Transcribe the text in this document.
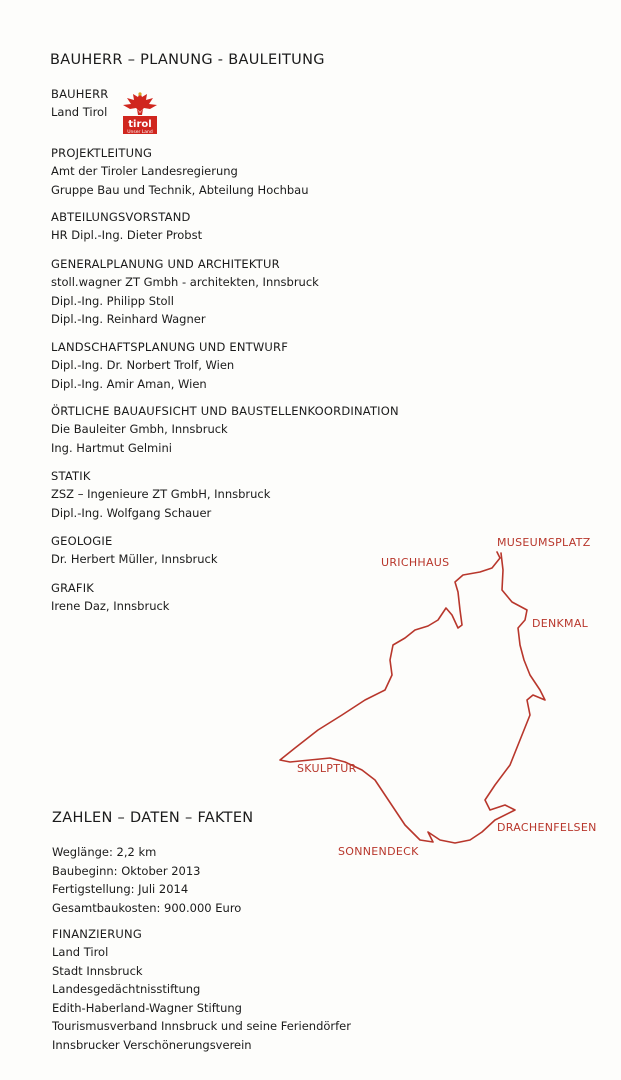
BAUHERR – PLANUNG - BAULEITUNG
BAUHERR
Land Tirol
tirol
Unser Land
PROJEKTLEITUNG
Amt der Tiroler Landesregierung
Gruppe Bau und Technik, Abteilung Hochbau
ABTEILUNGSVORSTAND
HR Dipl.-Ing. Dieter Probst
GENERALPLANUNG UND ARCHITEKTUR
stoll.wagner ZT Gmbh - architekten, Innsbruck
Dipl.-Ing. Philipp Stoll
Dipl.-Ing. Reinhard Wagner
LANDSCHAFTSPLANUNG UND ENTWURF
Dipl.-Ing. Dr. Norbert Trolf, Wien
Dipl.-Ing. Amir Aman, Wien
ÖRTLICHE BAUAUFSICHT UND BAUSTELLENKOORDINATION
Die Bauleiter Gmbh, Innsbruck
Ing. Hartmut Gelmini
STATIK
ZSZ – Ingenieure ZT GmbH, Innsbruck
Dipl.-Ing. Wolfgang Schauer
GEOLOGIE
Dr. Herbert Müller, Innsbruck
GRAFIK
Irene Daz, Innsbruck
MUSEUMSPLATZ
URICHHAUS
DENKMAL
SKULPTUR
DRACHENFELSEN
SONNENDECK
ZAHLEN – DATEN – FAKTEN
Weglänge: 2,2 km
Baubeginn: Oktober 2013
Fertigstellung: Juli 2014
Gesamtbaukosten: 900.000 Euro
FINANZIERUNG
Land Tirol
Stadt Innsbruck
Landesgedächtnisstiftung
Edith-Haberland-Wagner Stiftung
Tourismusverband Innsbruck und seine Feriendörfer
Innsbrucker Verschönerungsverein
